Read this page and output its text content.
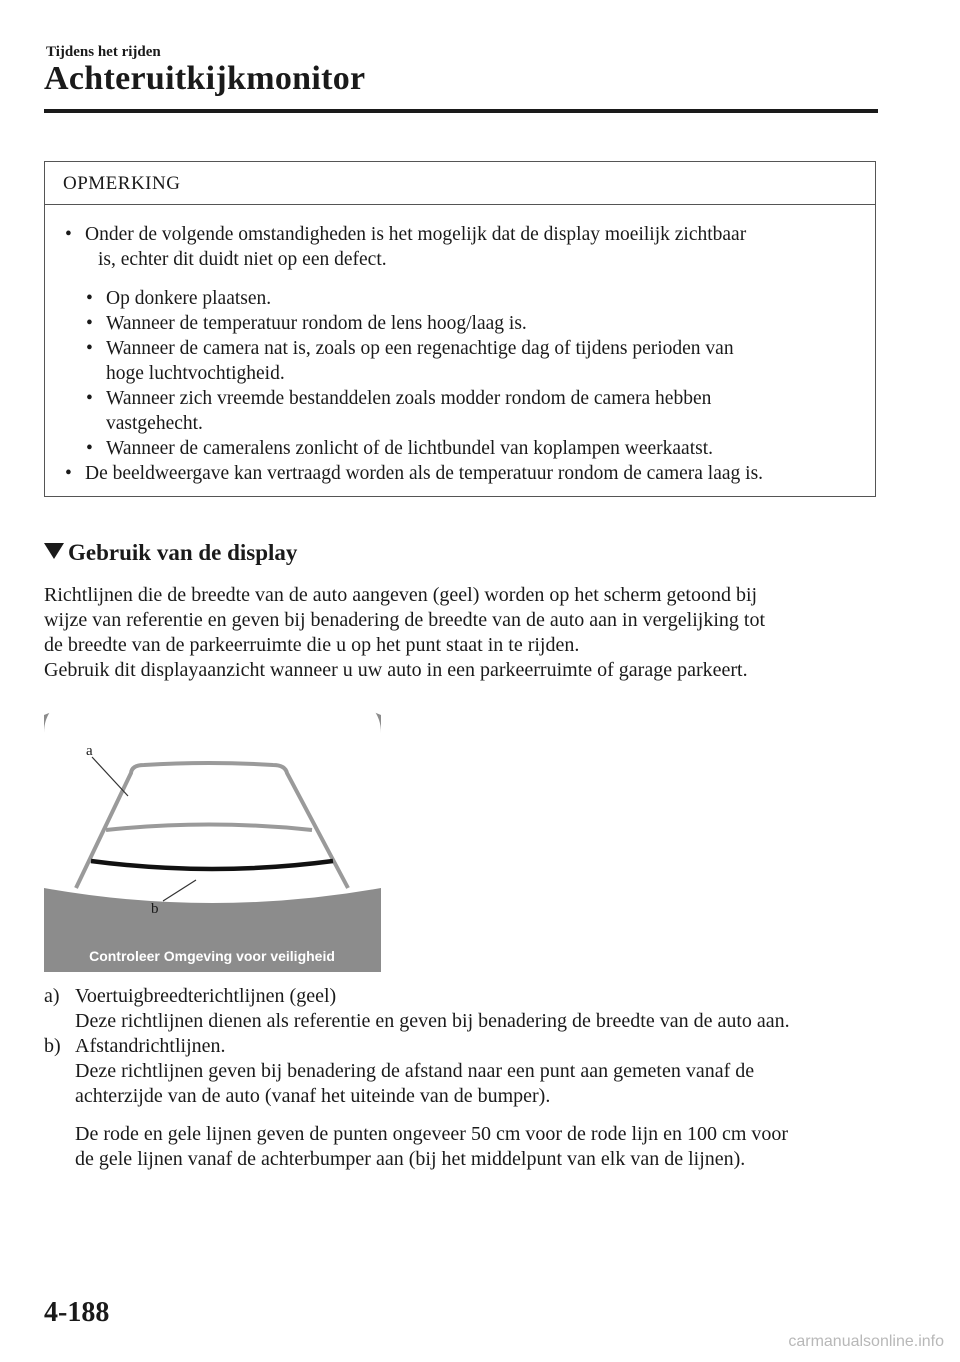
Tijdens het rijden
Achteruitkijkmonitor
OPMERKING
• Onder de volgende omstandigheden is het mogelijk dat de display moeilijk zichtbaar
is, echter dit duidt niet op een defect.
• Op donkere plaatsen.
• Wanneer de temperatuur rondom de lens hoog/laag is.
• Wanneer de camera nat is, zoals op een regenachtige dag of tijdens perioden van
hoge luchtvochtigheid.
• Wanneer zich vreemde bestanddelen zoals modder rondom de camera hebben
vastgehecht.
• Wanneer de cameralens zonlicht of de lichtbundel van koplampen weerkaatst.
• De beeldweergave kan vertraagd worden als de temperatuur rondom de camera laag is.
Gebruik van de display
Richtlijnen die de breedte van de auto aangeven (geel) worden op het scherm getoond bij
wijze van referentie en geven bij benadering de breedte van de auto aan in vergelijking tot
de breedte van de parkeerruimte die u op het punt staat in te rijden.
Gebruik dit displayaanzicht wanneer u uw auto in een parkeerruimte of garage parkeert.
a
b
Controleer Omgeving voor veiligheid
a) Voertuigbreedterichtlijnen (geel)
Deze richtlijnen dienen als referentie en geven bij benadering de breedte van de auto aan.
b) Afstandrichtlijnen.
Deze richtlijnen geven bij benadering de afstand naar een punt aan gemeten vanaf de
achterzijde van de auto (vanaf het uiteinde van de bumper).
De rode en gele lijnen geven de punten ongeveer 50 cm voor de rode lijn en 100 cm voor
de gele lijnen vanaf de achterbumper aan (bij het middelpunt van elk van de lijnen).
4-188
carmanualsonline.info
